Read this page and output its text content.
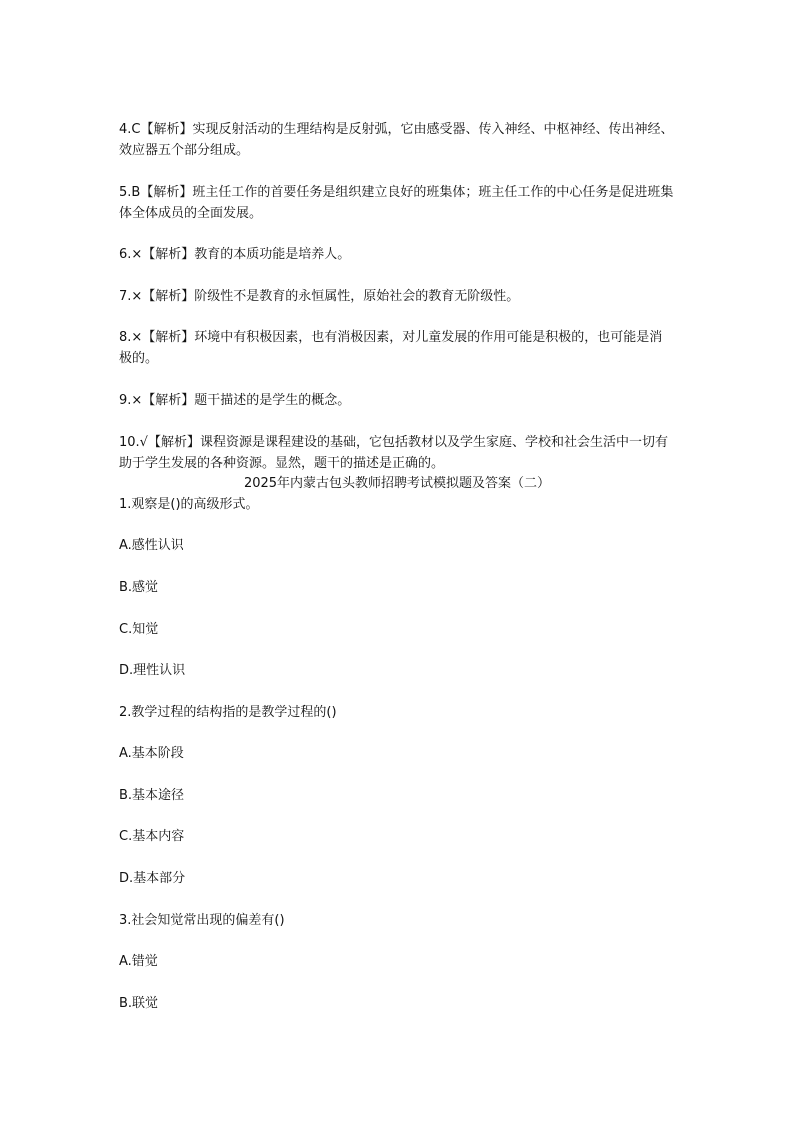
4.C【解析】实现反射活动的生理结构是反射弧，它由感受器、传入神经、中枢神经、传出神经、效应器五个部分组成。

5.B【解析】班主任工作的首要任务是组织建立良好的班集体；班主任工作的中心任务是促进班集体全体成员的全面发展。

6.×【解析】教育的本质功能是培养人。

7.×【解析】阶级性不是教育的永恒属性，原始社会的教育无阶级性。

8.×【解析】环境中有积极因素，也有消极因素，对儿童发展的作用可能是积极的，也可能是消极的。

9.×【解析】题干描述的是学生的概念。

10.√【解析】课程资源是课程建设的基础，它包括教材以及学生家庭、学校和社会生活中一切有助于学生发展的各种资源。显然，题干的描述是正确的。

2025年内蒙古包头教师招聘考试模拟题及答案（二）

1.观察是()的高级形式。

A.感性认识

B.感觉

C.知觉

D.理性认识

2.教学过程的结构指的是教学过程的()

A.基本阶段

B.基本途径

C.基本内容

D.基本部分

3.社会知觉常出现的偏差有()

A.错觉

B.联觉
